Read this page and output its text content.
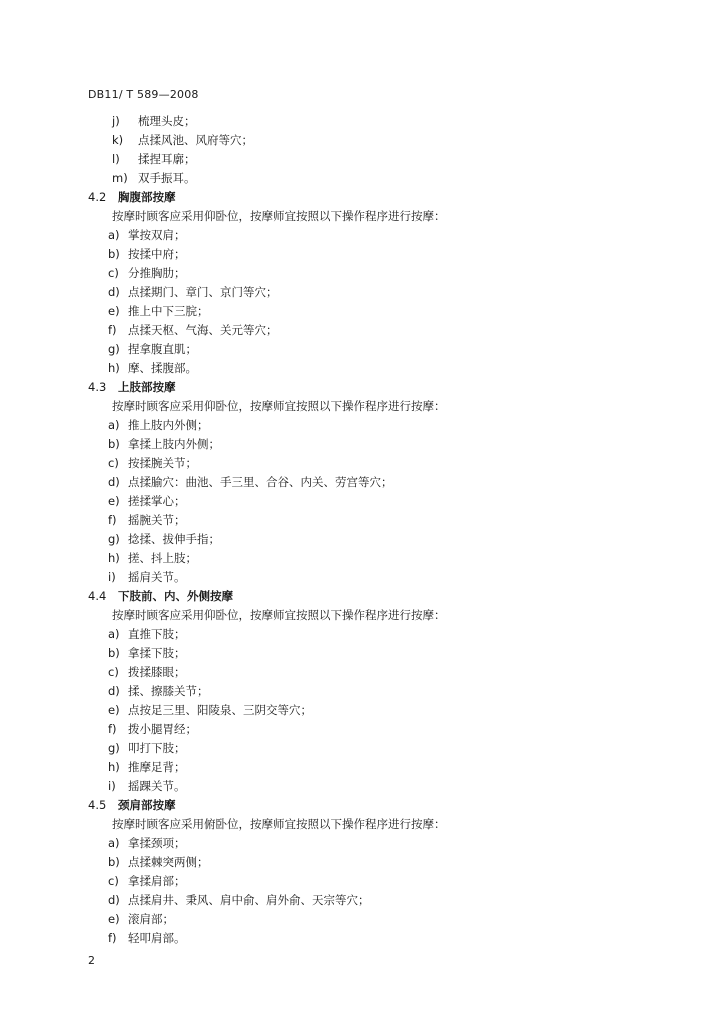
DB11/ T 589—2008
j) 梳理头皮；
k) 点揉风池、风府等穴；
l) 揉捏耳廓；
m) 双手振耳。
4.2 胸腹部按摩
按摩时顾客应采用仰卧位，按摩师宜按照以下操作程序进行按摩：
a) 掌按双肩；
b) 按揉中府；
c) 分推胸肋；
d) 点揉期门、章门、京门等穴；
e) 推上中下三脘；
f) 点揉天枢、气海、关元等穴；
g) 捏拿腹直肌；
h) 摩、揉腹部。
4.3 上肢部按摩
按摩时顾客应采用仰卧位，按摩师宜按照以下操作程序进行按摩：
a) 推上肢内外侧；
b) 拿揉上肢内外侧；
c) 按揉腕关节；
d) 点揉腧穴：曲池、手三里、合谷、内关、劳宫等穴；
e) 搓揉掌心；
f) 摇腕关节；
g) 捻揉、拔伸手指；
h) 搓、抖上肢；
i) 摇肩关节。
4.4 下肢前、内、外侧按摩
按摩时顾客应采用仰卧位，按摩师宜按照以下操作程序进行按摩：
a) 直推下肢；
b) 拿揉下肢；
c) 拨揉膝眼；
d) 揉、擦膝关节；
e) 点按足三里、阳陵泉、三阴交等穴；
f) 拨小腿胃经；
g) 叩打下肢；
h) 推摩足背；
i) 摇踝关节。
4.5 颈肩部按摩
按摩时顾客应采用俯卧位，按摩师宜按照以下操作程序进行按摩：
a) 拿揉颈项；
b) 点揉棘突两侧；
c) 拿揉肩部；
d) 点揉肩井、秉风、肩中俞、肩外俞、天宗等穴；
e) 滚肩部；
f) 轻叩肩部。
2
